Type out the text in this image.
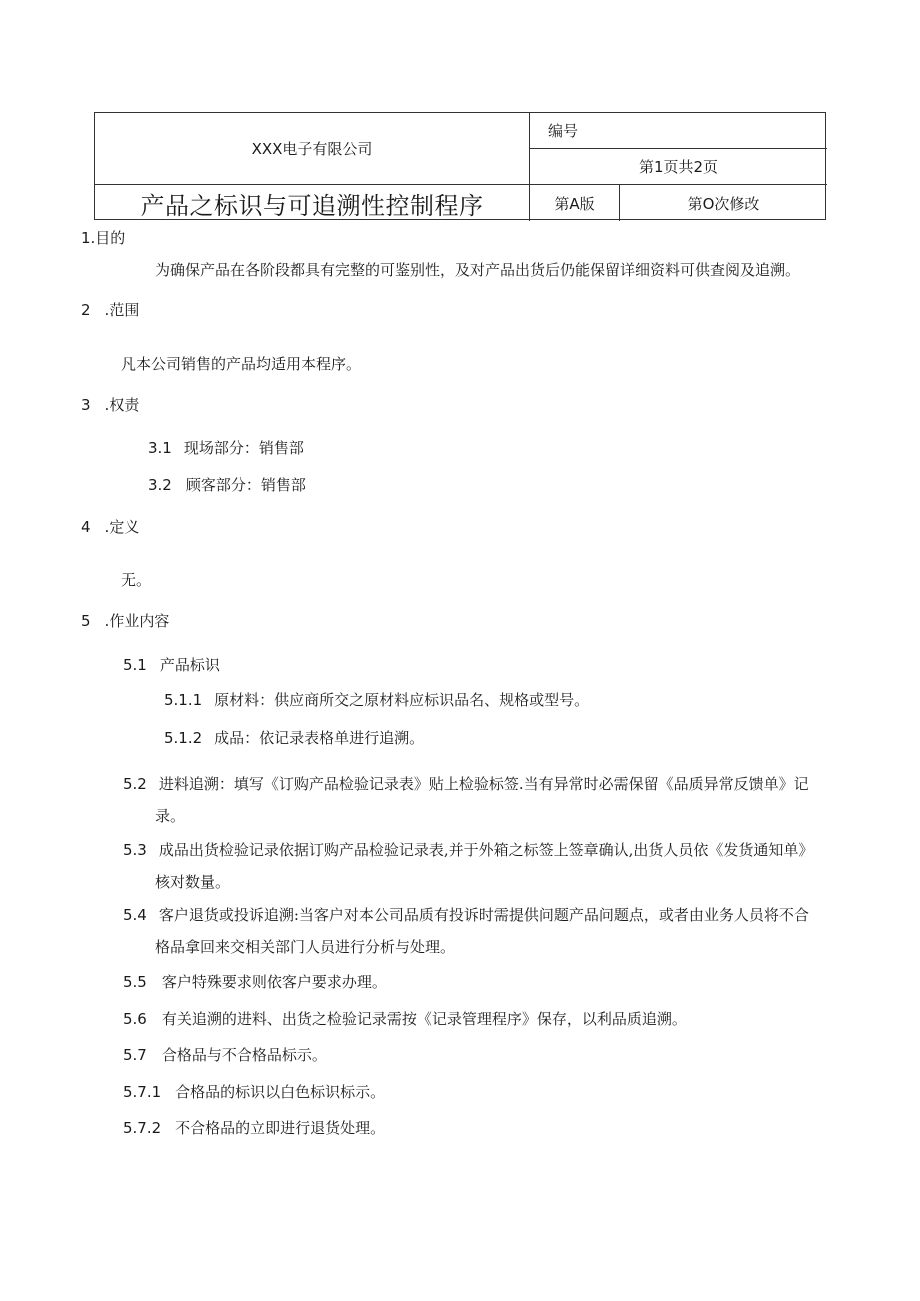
XXX电子有限公司
编号
第1页共2页
产品之标识与可追溯性控制程序	第A版	第O次修改
1.目的
为确保产品在各阶段都具有完整的可鉴别性，及对产品出货后仍能保留详细资料可供查阅及追溯。
2 .范围
凡本公司销售的产品均适用本程序。
3 .权责
3.1 现场部分：销售部
3.2 顾客部分：销售部
4 .定义
无。
5 .作业内容
5.1 产品标识
5.1.1 原材料：供应商所交之原材料应标识品名、规格或型号。
5.1.2 成品：依记录表格单进行追溯。
5.2 进料追溯：填写《订购产品检验记录表》贴上检验标签.当有异常时必需保留《品质异常反馈单》记
录。
5.3 成品出货检验记录依据订购产品检验记录表,并于外箱之标签上签章确认,出货人员依《发货通知单》
核对数量。
5.4 客户退货或投诉追溯:当客户对本公司品质有投诉时需提供问题产品问题点，或者由业务人员将不合
格品拿回来交相关部门人员进行分析与处理。
5.5 客户特殊要求则依客户要求办理。
5.6 有关追溯的进料、出货之检验记录需按《记录管理程序》保存，以利品质追溯。
5.7 合格品与不合格品标示。
5.7.1 合格品的标识以白色标识标示。
5.7.2 不合格品的立即进行退货处理。
